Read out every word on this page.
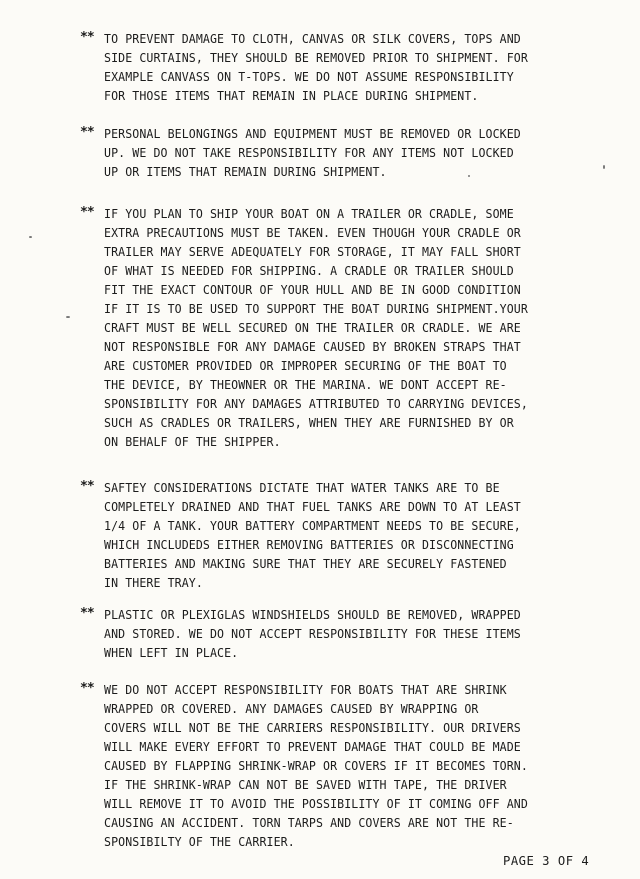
** TO PREVENT DAMAGE TO CLOTH, CANVAS OR SILK COVERS, TOPS AND
SIDE CURTAINS, THEY SHOULD BE REMOVED PRIOR TO SHIPMENT. FOR
EXAMPLE CANVASS ON T-TOPS. WE DO NOT ASSUME RESPONSIBILITY
FOR THOSE ITEMS THAT REMAIN IN PLACE DURING SHIPMENT.
** PERSONAL BELONGINGS AND EQUIPMENT MUST BE REMOVED OR LOCKED
UP. WE DO NOT TAKE RESPONSIBILITY FOR ANY ITEMS NOT LOCKED
UP OR ITEMS THAT REMAIN DURING SHIPMENT.
** IF YOU PLAN TO SHIP YOUR BOAT ON A TRAILER OR CRADLE, SOME
EXTRA PRECAUTIONS MUST BE TAKEN. EVEN THOUGH YOUR CRADLE OR
TRAILER MAY SERVE ADEQUATELY FOR STORAGE, IT MAY FALL SHORT
OF WHAT IS NEEDED FOR SHIPPING. A CRADLE OR TRAILER SHOULD
FIT THE EXACT CONTOUR OF YOUR HULL AND BE IN GOOD CONDITION
IF IT IS TO BE USED TO SUPPORT THE BOAT DURING SHIPMENT.YOUR
CRAFT MUST BE WELL SECURED ON THE TRAILER OR CRADLE. WE ARE
NOT RESPONSIBLE FOR ANY DAMAGE CAUSED BY BROKEN STRAPS THAT
ARE CUSTOMER PROVIDED OR IMPROPER SECURING OF THE BOAT TO
THE DEVICE, BY THEOWNER OR THE MARINA. WE DONT ACCEPT RE-
SPONSIBILITY FOR ANY DAMAGES ATTRIBUTED TO CARRYING DEVICES,
SUCH AS CRADLES OR TRAILERS, WHEN THEY ARE FURNISHED BY OR
ON BEHALF OF THE SHIPPER.
** SAFTEY CONSIDERATIONS DICTATE THAT WATER TANKS ARE TO BE
COMPLETELY DRAINED AND THAT FUEL TANKS ARE DOWN TO AT LEAST
1/4 OF A TANK. YOUR BATTERY COMPARTMENT NEEDS TO BE SECURE,
WHICH INCLUDEDS EITHER REMOVING BATTERIES OR DISCONNECTING
BATTERIES AND MAKING SURE THAT THEY ARE SECURELY FASTENED
IN THERE TRAY.
** PLASTIC OR PLEXIGLAS WINDSHIELDS SHOULD BE REMOVED, WRAPPED
AND STORED. WE DO NOT ACCEPT RESPONSIBILITY FOR THESE ITEMS
WHEN LEFT IN PLACE.
** WE DO NOT ACCEPT RESPONSIBILITY FOR BOATS THAT ARE SHRINK
WRAPPED OR COVERED. ANY DAMAGES CAUSED BY WRAPPING OR
COVERS WILL NOT BE THE CARRIERS RESPONSIBILITY. OUR DRIVERS
WILL MAKE EVERY EFFORT TO PREVENT DAMAGE THAT COULD BE MADE
CAUSED BY FLAPPING SHRINK-WRAP OR COVERS IF IT BECOMES TORN.
IF THE SHRINK-WRAP CAN NOT BE SAVED WITH TAPE, THE DRIVER
WILL REMOVE IT TO AVOID THE POSSIBILITY OF IT COMING OFF AND
CAUSING AN ACCIDENT. TORN TARPS AND COVERS ARE NOT THE RE-
SPONSIBILTY OF THE CARRIER.
PAGE 3 OF 4
